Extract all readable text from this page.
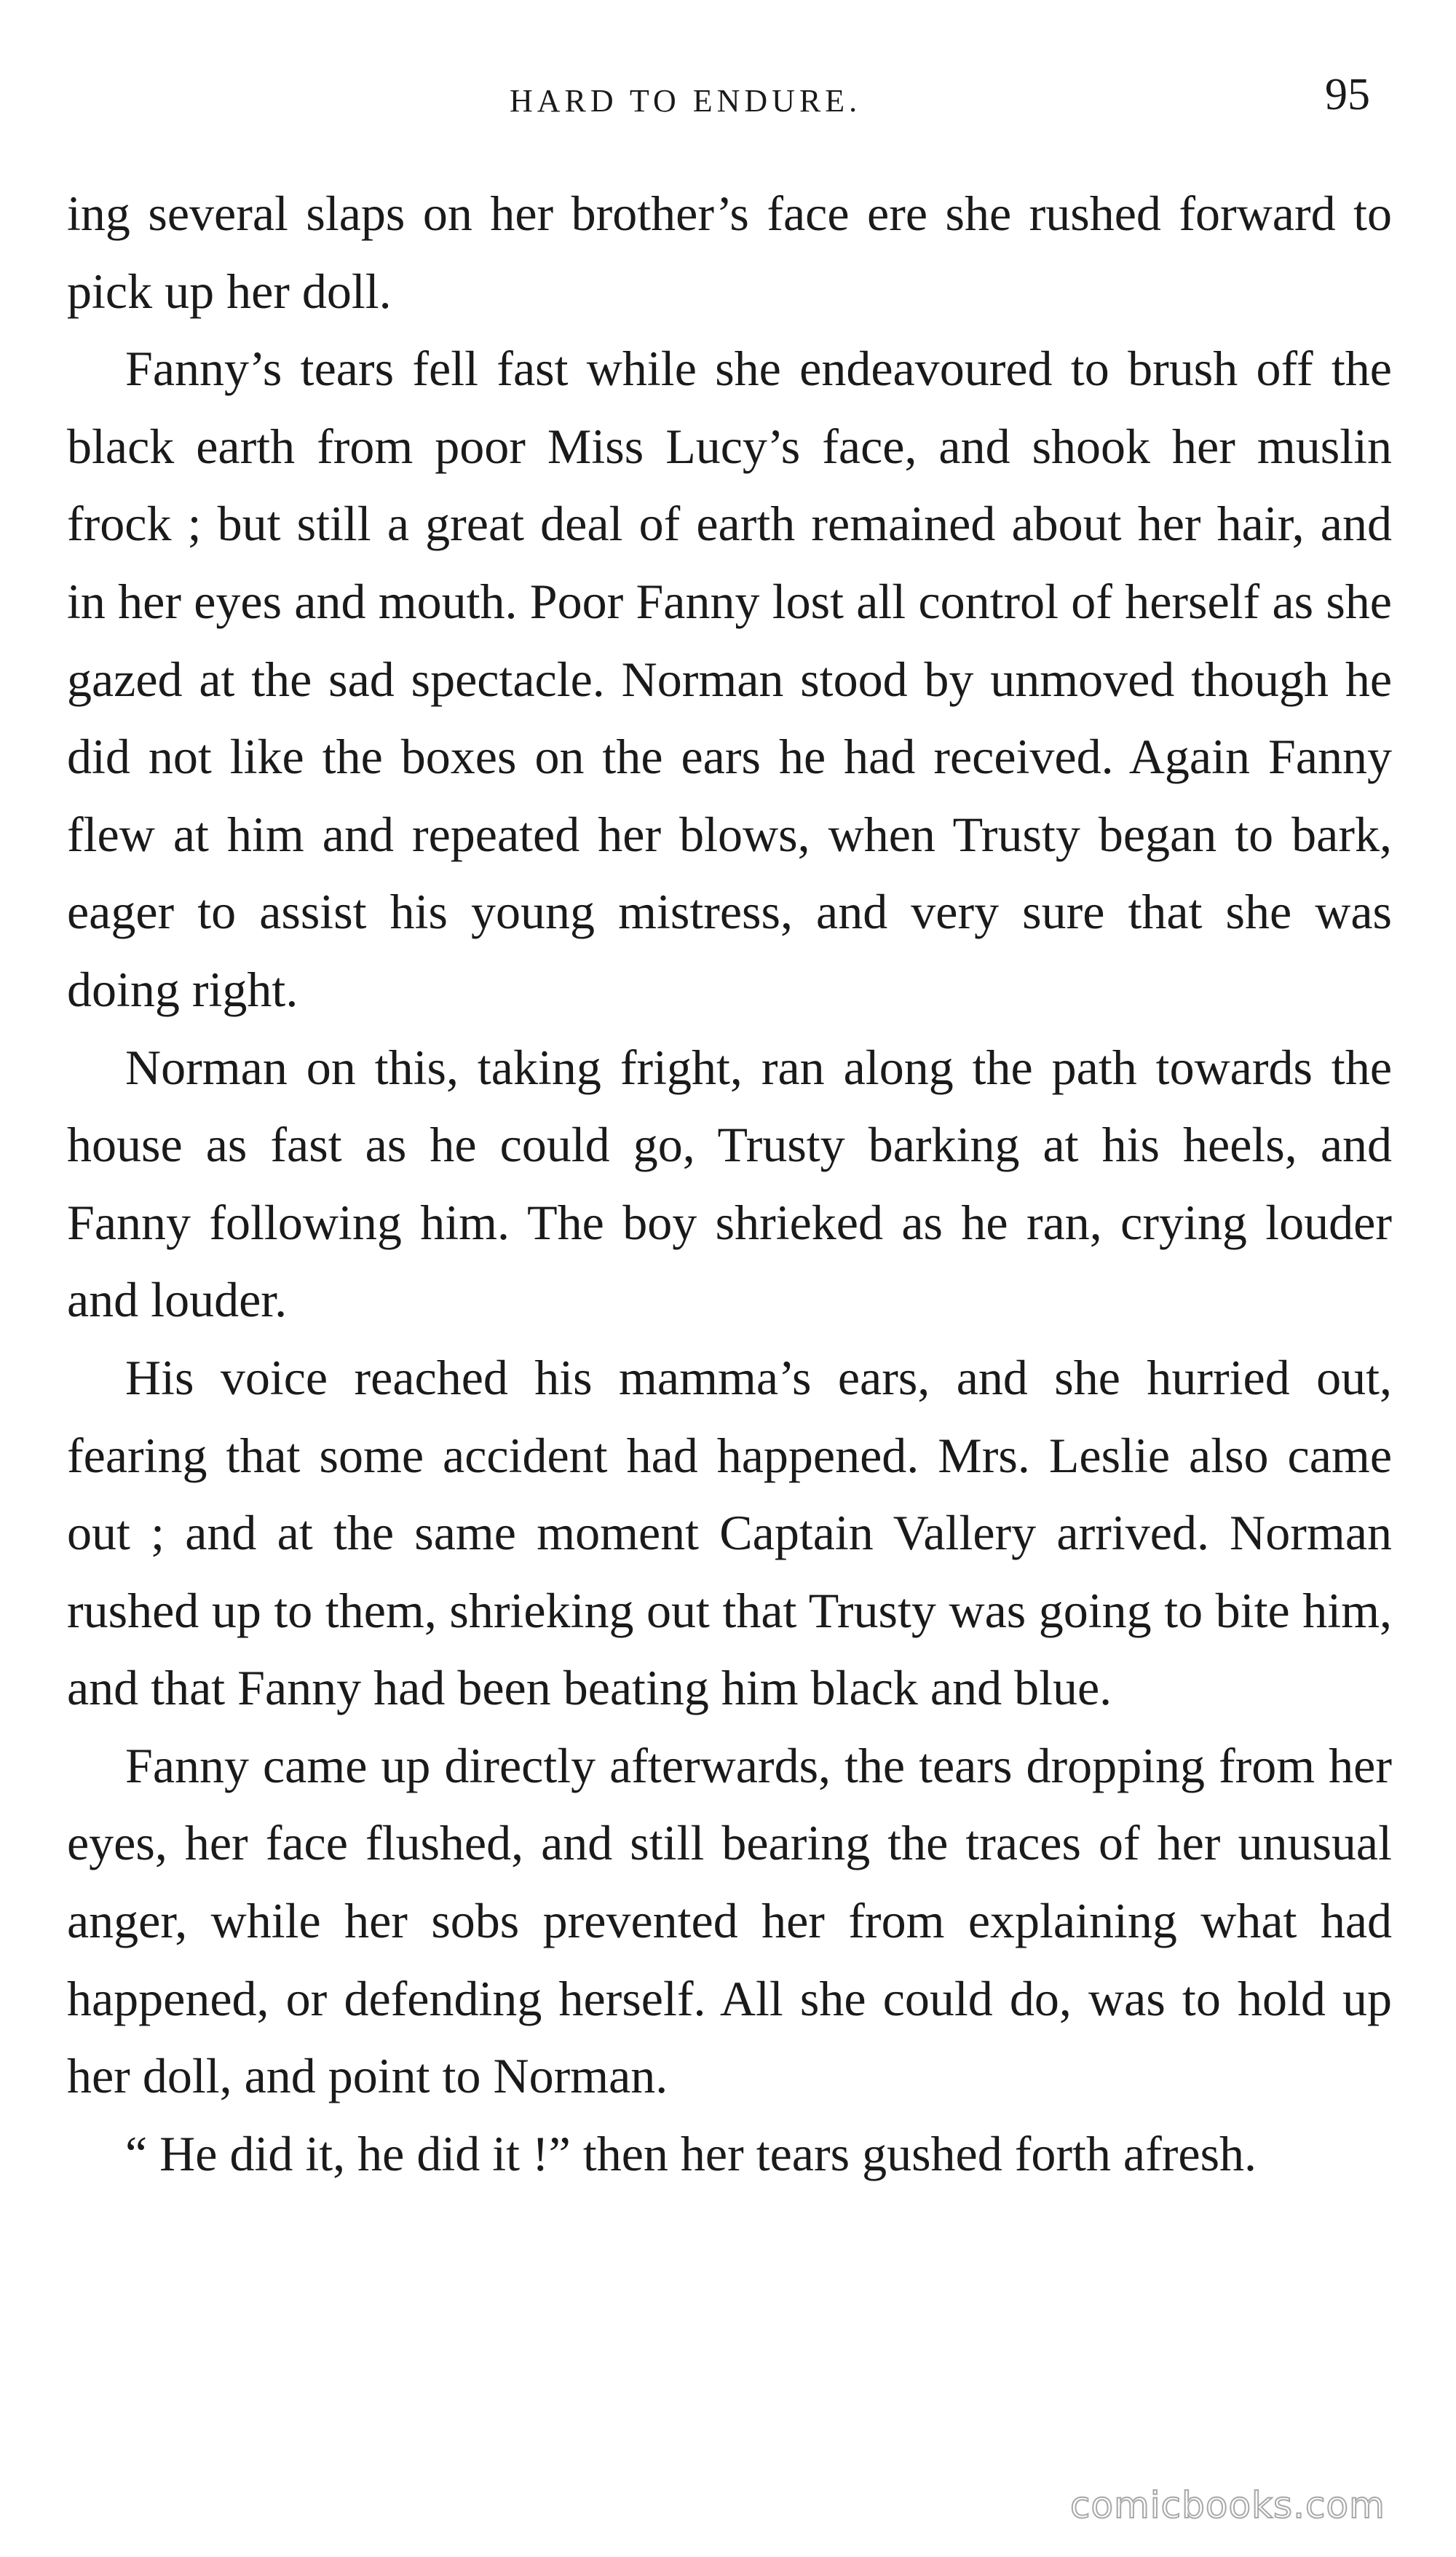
HARD TO ENDURE.	95

ing several slaps on her brother’s face ere she rushed forward to pick up her doll.

Fanny’s tears fell fast while she endeavoured to brush off the black earth from poor Miss Lucy’s face, and shook her muslin frock ; but still a great deal of earth remained about her hair, and in her eyes and mouth. Poor Fanny lost all control of herself as she gazed at the sad spectacle. Norman stood by unmoved though he did not like the boxes on the ears he had received. Again Fanny flew at him and repeated her blows, when Trusty began to bark, eager to assist his young mistress, and very sure that she was doing right.

Norman on this, taking fright, ran along the path towards the house as fast as he could go, Trusty barking at his heels, and Fanny following him. The boy shrieked as he ran, crying louder and louder.

His voice reached his mamma’s ears, and she hurried out, fearing that some accident had happened. Mrs. Leslie also came out ; and at the same moment Captain Vallery arrived. Norman rushed up to them, shrieking out that Trusty was going to bite him, and that Fanny had been beating him black and blue.

Fanny came up directly afterwards, the tears dropping from her eyes, her face flushed, and still bearing the traces of her unusual anger, while her sobs prevented her from explaining what had happened, or defending herself. All she could do, was to hold up her doll, and point to Norman.

“ He did it, he did it !” then her tears gushed forth afresh.

comicbooks.com
